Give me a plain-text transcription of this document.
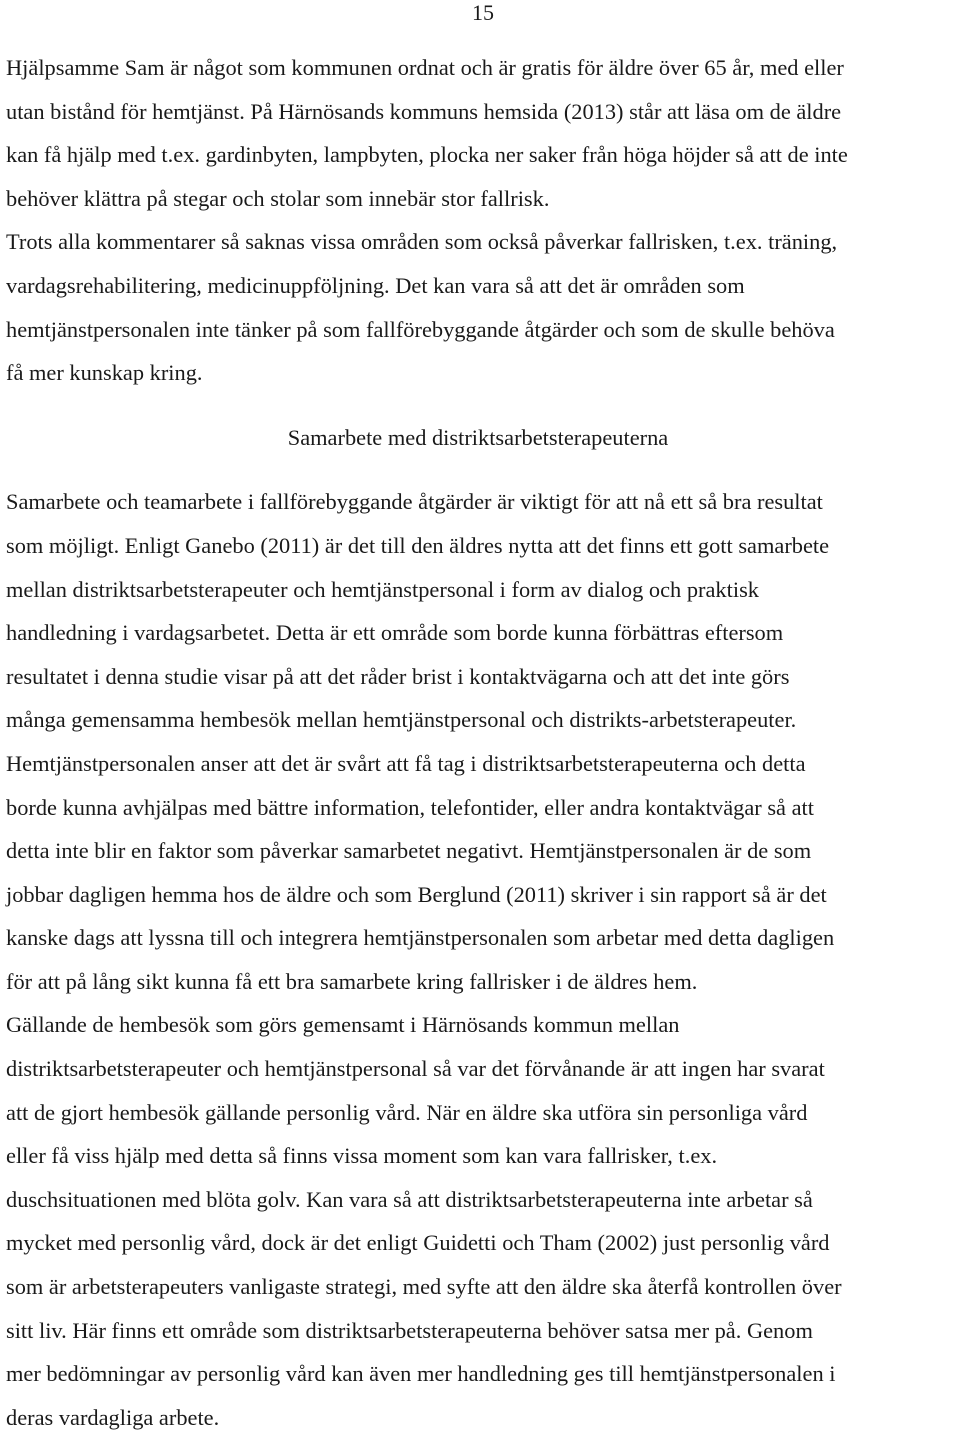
15

Hjälpsamme Sam är något som kommunen ordnat och är gratis för äldre över 65 år, med eller
utan bistånd för hemtjänst. På Härnösands kommuns hemsida (2013) står att läsa om de äldre
kan få hjälp med t.ex. gardinbyten, lampbyten, plocka ner saker från höga höjder så att de inte
behöver klättra på stegar och stolar som innebär stor fallrisk.

Trots alla kommentarer så saknas vissa områden som också påverkar fallrisken, t.ex. träning,
vardagsrehabilitering, medicinuppföljning. Det kan vara så att det är områden som
hemtjänstpersonalen inte tänker på som fallförebyggande åtgärder och som de skulle behöva
få mer kunskap kring.

Samarbete med distriktsarbetsterapeuterna

Samarbete och teamarbete i fallförebyggande åtgärder är viktigt för att nå ett så bra resultat
som möjligt. Enligt Ganebo (2011) är det till den äldres nytta att det finns ett gott samarbete
mellan distriktsarbetsterapeuter och hemtjänstpersonal i form av dialog och praktisk
handledning i vardagsarbetet. Detta är ett område som borde kunna förbättras eftersom
resultatet i denna studie visar på att det råder brist i kontaktvägarna och att det inte görs
många gemensamma hembesök mellan hemtjänstpersonal och distrikts-arbetsterapeuter.
Hemtjänstpersonalen anser att det är svårt att få tag i distriktsarbetsterapeuterna och detta
borde kunna avhjälpas med bättre information, telefontider, eller andra kontaktvägar så att
detta inte blir en faktor som påverkar samarbetet negativt. Hemtjänstpersonalen är de som
jobbar dagligen hemma hos de äldre och som Berglund (2011) skriver i sin rapport så är det
kanske dags att lyssna till och integrera hemtjänstpersonalen som arbetar med detta dagligen
för att på lång sikt kunna få ett bra samarbete kring fallrisker i de äldres hem.

Gällande de hembesök som görs gemensamt i Härnösands kommun mellan
distriktsarbetsterapeuter och hemtjänstpersonal så var det förvånande är att ingen har svarat
att de gjort hembesök gällande personlig vård. När en äldre ska utföra sin personliga vård
eller få viss hjälp med detta så finns vissa moment som kan vara fallrisker, t.ex.
duschsituationen med blöta golv. Kan vara så att distriktsarbetsterapeuterna inte arbetar så
mycket med personlig vård, dock är det enligt Guidetti och Tham (2002) just personlig vård
som är arbetsterapeuters vanligaste strategi, med syfte att den äldre ska återfå kontrollen över
sitt liv. Här finns ett område som distriktsarbetsterapeuterna behöver satsa mer på. Genom
mer bedömningar av personlig vård kan även mer handledning ges till hemtjänstpersonalen i
deras vardagliga arbete.
